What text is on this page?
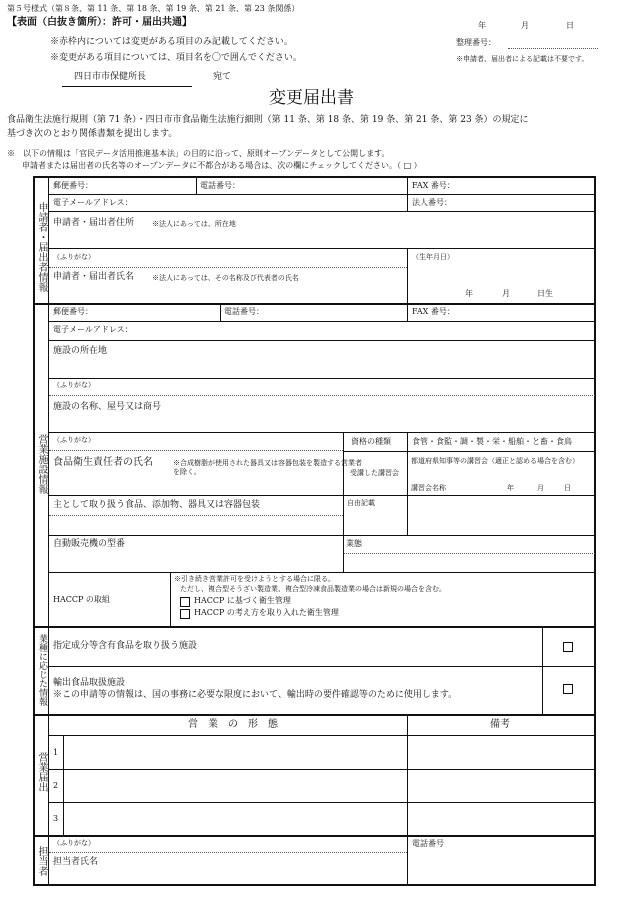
第５号様式（第８条、第 11 条、第 18 条、第 19 条、第 21 条、第 23 条関係）
【表面（白抜き箇所）：許可・届出共通】
※赤枠内については変更がある項目のみ記載してください。
※変更がある項目については、項目名を〇で囲んでください。
年	月	日
整理番号：
※申請者、届出者による記載は不要です。
四日市市保健所長	宛て
変更届出書
食品衛生法施行規則（第 71 条）・四日市市食品衛生法施行細則（第 11 条、第 18 条、第 19 条、第 21 条、第 23 条）の規定に
基づき次のとおり関係書類を提出します。
※　以下の情報は「官民データ活用推進基本法」の目的に沿って、原則オープンデータとして公開します。
申請者または届出者の氏名等のオープンデータに不都合がある場合は、次の欄にチェックしてください。（ □ ）
申請者・届出者情報
郵便番号：	電話番号：	FAX 番号：
電子メールアドレス：	法人番号：
申請者・届出者住所	※法人にあっては、所在地
（ふりがな）	（生年月日）
申請者・届出者氏名	※法人にあっては、その名称及び代表者の氏名
年	月	日生
営業施設情報
郵便番号：	電話番号：	FAX 番号：
電子メールアドレス：
施設の所在地
（ふりがな）
施設の名称、屋号又は商号
（ふりがな）	資格の種類	食管・食監・調・製・栄・船舶・と畜・食鳥
食品衛生責任者の氏名	※合成樹脂が使用された器具又は容器包装を製造する営業者
を除く。	受講した講習会
都道府県知事等の講習会（適正と認める場合を含む）
講習会名称	年	月	日
主として取り扱う食品、添加物、器具又は容器包装	自由記載
自動販売機の型番	業態
HACCP の取組
※引き続き営業許可を受けようとする場合に限る。
ただし、複合型そうざい製造業、複合型冷凍食品製造業の場合は新規の場合を含む。
HACCP に基づく衛生管理
HACCP の考え方を取り入れた衛生管理
業種に応じた情報 指定成分等含有食品を取り扱う施設
輸出食品取扱施設
※この申請等の情報は、国の事務に必要な限度において、輸出時の要件確認等のために使用します。
営業届出
営　業　の　形　態	備考
1
2
3
担当者
（ふりがな）	電話番号
担当者氏名
